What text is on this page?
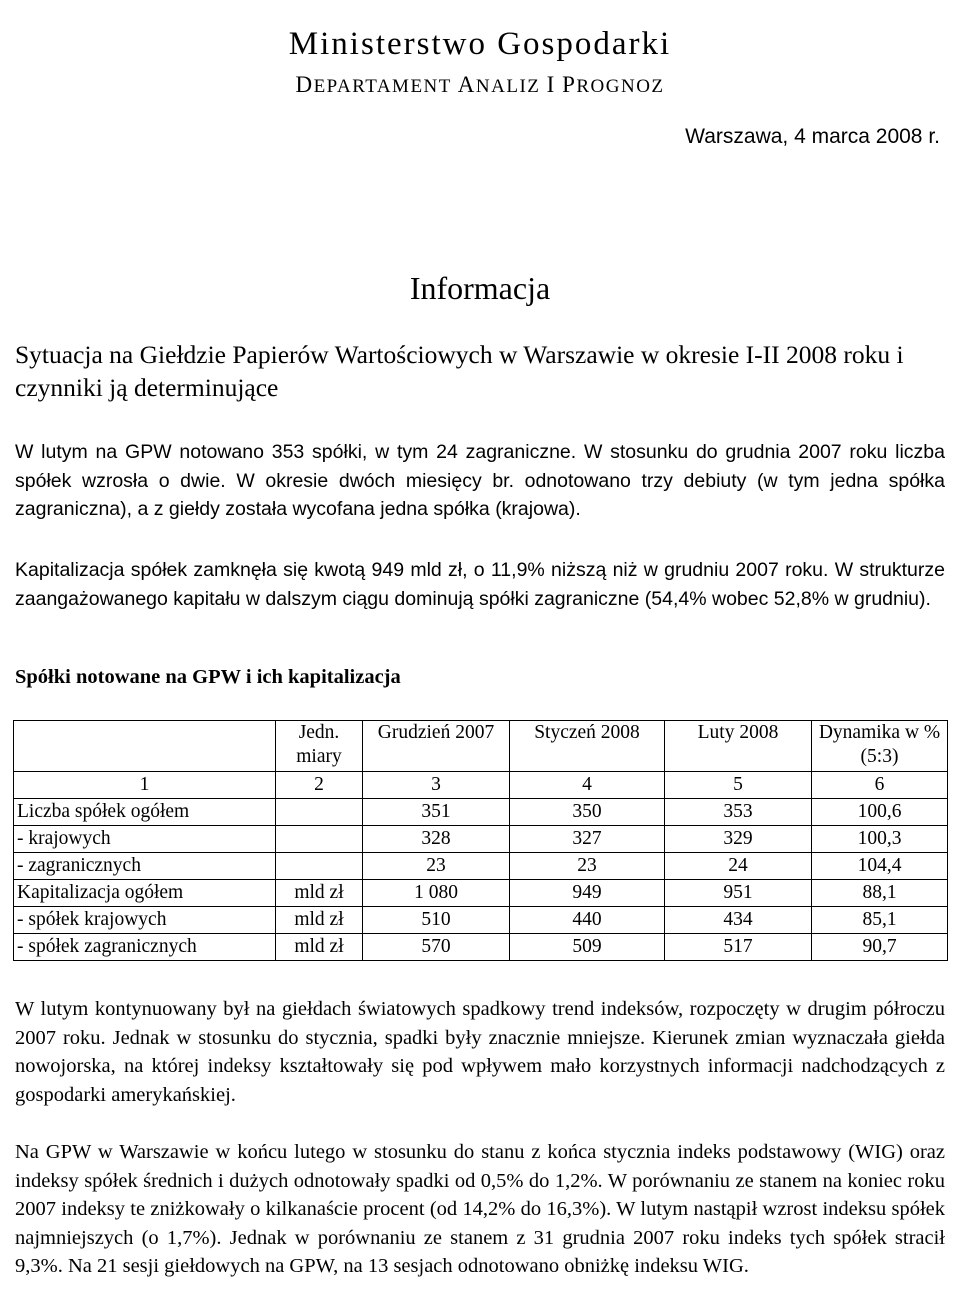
Ministerstwo Gospodarki
DEPARTAMENT ANALIZ I PROGNOZ
Warszawa, 4 marca 2008 r.
Informacja
Sytuacja na Giełdzie Papierów Wartościowych w Warszawie w okresie I-II 2008 roku i czynniki ją determinujące
W lutym na GPW notowano 353 spółki, w tym 24 zagraniczne. W stosunku do grudnia 2007 roku liczba spółek wzrosła o dwie. W okresie dwóch miesięcy br. odnotowano trzy debiuty (w tym jedna spółka zagraniczna), a z giełdy została wycofana jedna spółka (krajowa).
Kapitalizacja spółek zamknęła się kwotą 949 mld zł, o 11,9% niższą niż w grudniu 2007 roku. W strukturze zaangażowanego kapitału w dalszym ciągu dominują spółki zagraniczne (54,4% wobec 52,8% w grudniu).
Spółki notowane na GPW i ich kapitalizacja
	Jedn. miary	Grudzień 2007	Styczeń 2008	Luty 2008	Dynamika w % (5:3)
1	2	3	4	5	6
Liczba spółek ogółem		351	350	353	100,6
- krajowych		328	327	329	100,3
- zagranicznych		23	23	24	104,4
Kapitalizacja ogółem	mld zł	1 080	949	951	88,1
- spółek krajowych	mld zł	510	440	434	85,1
- spółek zagranicznych	mld zł	570	509	517	90,7
W lutym kontynuowany był na giełdach światowych spadkowy trend indeksów, rozpoczęty w drugim półroczu 2007 roku. Jednak w stosunku do stycznia, spadki były znacznie mniejsze. Kierunek zmian wyznaczała giełda nowojorska, na której indeksy kształtowały się pod wpływem mało korzystnych informacji nadchodzących z gospodarki amerykańskiej.
Na GPW w Warszawie w końcu lutego w stosunku do stanu z końca stycznia indeks podstawowy (WIG) oraz indeksy spółek średnich i dużych odnotowały spadki od 0,5% do 1,2%. W porównaniu ze stanem na koniec roku 2007 indeksy te zniżkowały o kilkanaście procent (od 14,2% do 16,3%). W lutym nastąpił wzrost indeksu spółek najmniejszych (o 1,7%). Jednak w porównaniu ze stanem z 31 grudnia 2007 roku indeks tych spółek stracił 9,3%. Na 21 sesji giełdowych na GPW, na 13 sesjach odnotowano obniżkę indeksu WIG.
